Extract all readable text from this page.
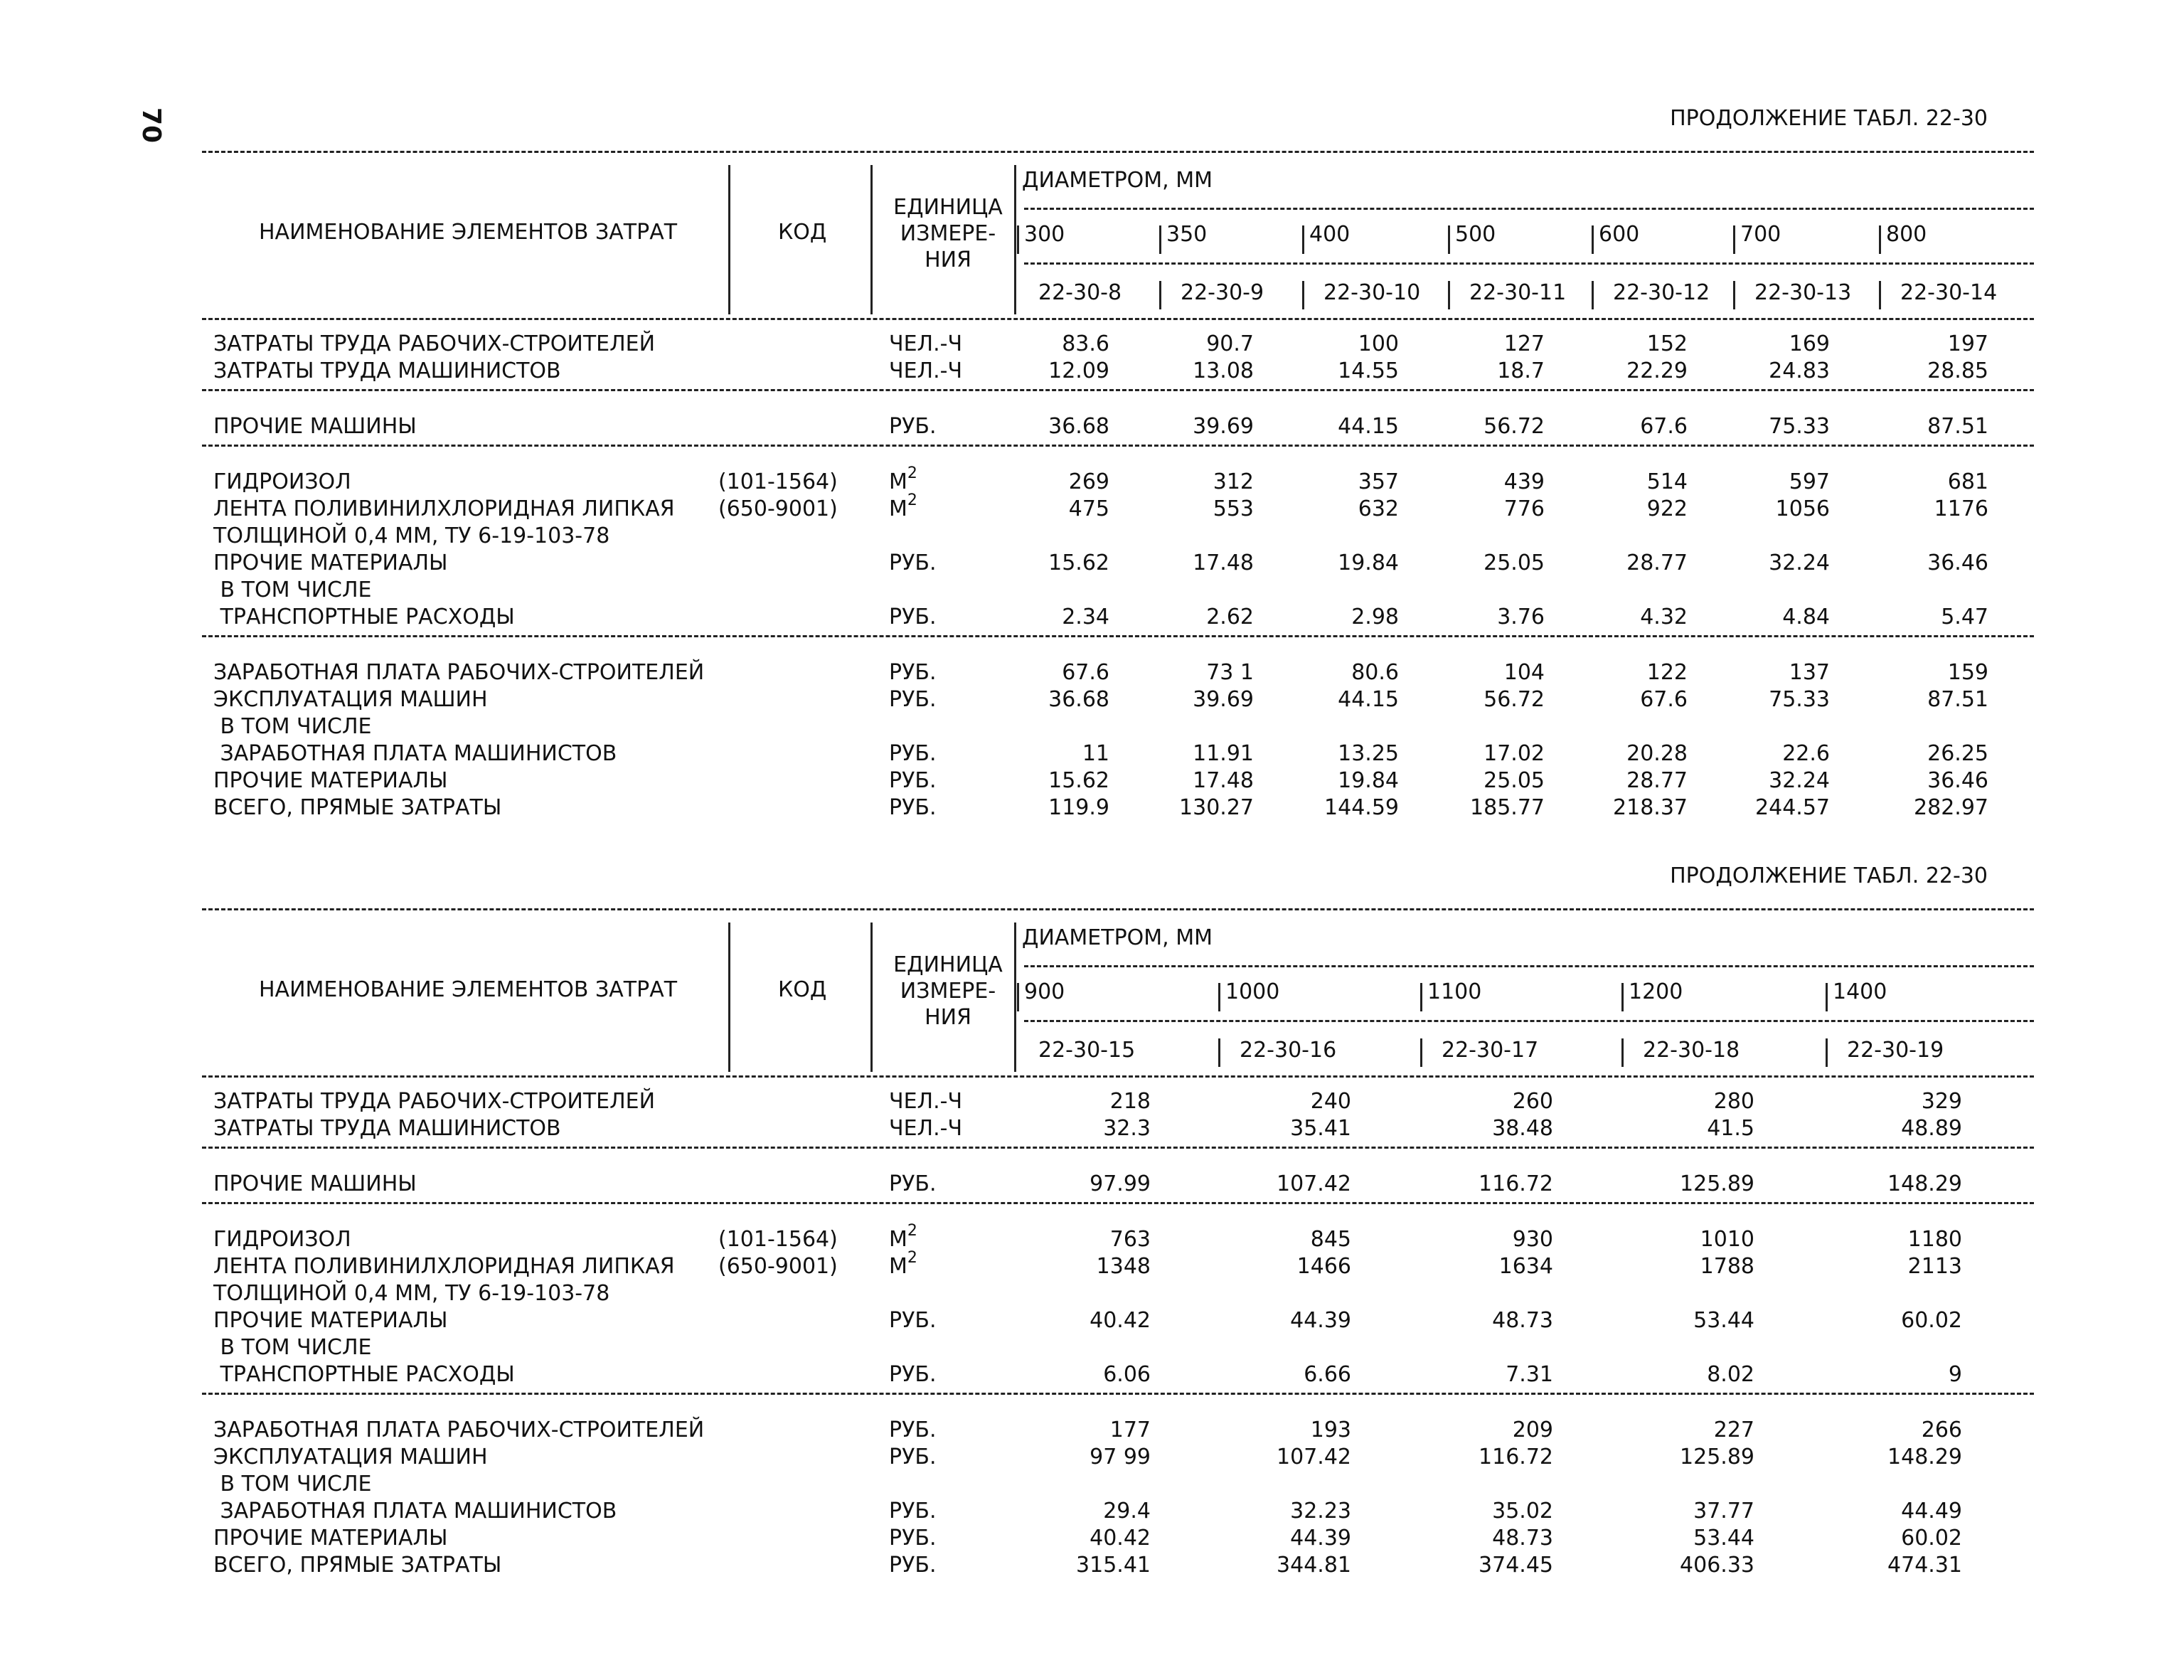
70	ПРОДОЛЖЕНИЕ ТАБЛ. 22-30
НАИМЕНОВАНИЕ ЭЛЕМЕНТОВ ЗАТРАТ	КОД
ЕДИНИЦА
ИЗМЕРЕ-
НИЯ
ДИАМЕТРОМ, ММ
300	350	400	500	600	700	800
22-30-8	22-30-9	22-30-10 22-30-11 22-30-12 22-30-13 22-30-14
ЗАТРАТЫ ТРУДА РАБОЧИХ-СТРОИТЕЛЕЙ	ЧЕЛ.-Ч	83.6	90.7	100	127	152	169	197
ЗАТРАТЫ ТРУДА МАШИНИСТОВ	ЧЕЛ.-Ч	12.09	13.08	14.55	18.7	22.29	24.83	28.85
ПРОЧИЕ МАШИНЫ	РУБ.	36.68	39.69	44.15	56.72	67.6	75.33	87.51
ГИДРОИЗОЛ	(101-1564) $М^2$	269	312	357	439	514	597	681
ЛЕНТА ПОЛИВИНИЛХЛОРИДНАЯ ЛИПКАЯ (650-9001) $М^2$	475	553	632	776	922	1056	1176
ТОЛЩИНОЙ 0,4 ММ, ТУ 6-19-103-78
ПРОЧИЕ МАТЕРИАЛЫ	РУБ.	15.62	17.48	19.84	25.05	28.77	32.24	36.46
В ТОМ ЧИСЛЕ
ТРАНСПОРТНЫЕ РАСХОДЫ	РУБ.	2.34	2.62	2.98	3.76	4.32	4.84	5.47
ЗАРАБОТНАЯ ПЛАТА РАБОЧИХ-СТРОИТЕЛЕЙ	РУБ.	67.6	73 1	80.6	104	122	137	159
ЭКСПЛУАТАЦИЯ МАШИН	РУБ.	36.68	39.69	44.15	56.72	67.6	75.33	87.51
В ТОМ ЧИСЛЕ
ЗАРАБОТНАЯ ПЛАТА МАШИНИСТОВ	РУБ.	11	11.91	13.25	17.02	20.28	22.6	26.25
ПРОЧИЕ МАТЕРИАЛЫ	РУБ.	15.62	17.48	19.84	25.05	28.77	32.24	36.46
ВСЕГО, ПРЯМЫЕ ЗАТРАТЫ	РУБ.	119.9	130.27	144.59	185.77	218.37	244.57	282.97
ПРОДОЛЖЕНИЕ ТАБЛ. 22-30
НАИМЕНОВАНИЕ ЭЛЕМЕНТОВ ЗАТРАТ	КОД
ЕДИНИЦА
ИЗМЕРЕ-
НИЯ
ДИАМЕТРОМ, ММ
900	1000	1100	1200	1400
22-30-15	22-30-16	22-30-17	22-30-18	22-30-19
ЗАТРАТЫ ТРУДА РАБОЧИХ-СТРОИТЕЛЕЙ	ЧЕЛ.-Ч	218	240	260	280	329
ЗАТРАТЫ ТРУДА МАШИНИСТОВ	ЧЕЛ.-Ч	32.3	35.41	38.48	41.5	48.89
ПРОЧИЕ МАШИНЫ	РУБ.	97.99	107.42	116.72	125.89	148.29
ГИДРОИЗОЛ	(101-1564) $М^2$	763	845	930	1010	1180
ЛЕНТА ПОЛИВИНИЛХЛОРИДНАЯ ЛИПКАЯ (650-9001) $М^2$	1348	1466	1634	1788	2113
ТОЛЩИНОЙ 0,4 ММ, ТУ 6-19-103-78
ПРОЧИЕ МАТЕРИАЛЫ	РУБ.	40.42	44.39	48.73	53.44	60.02
В ТОМ ЧИСЛЕ
ТРАНСПОРТНЫЕ РАСХОДЫ	РУБ.	6.06	6.66	7.31	8.02	9
ЗАРАБОТНАЯ ПЛАТА РАБОЧИХ-СТРОИТЕЛЕЙ	РУБ.	177	193	209	227	266
ЭКСПЛУАТАЦИЯ МАШИН	РУБ.	97 99	107.42	116.72	125.89	148.29
В ТОМ ЧИСЛЕ
ЗАРАБОТНАЯ ПЛАТА МАШИНИСТОВ	РУБ.	29.4	32.23	35.02	37.77	44.49
ПРОЧИЕ МАТЕРИАЛЫ	РУБ.	40.42	44.39	48.73	53.44	60.02
ВСЕГО, ПРЯМЫЕ ЗАТРАТЫ	РУБ.	315.41	344.81	374.45	406.33	474.31
